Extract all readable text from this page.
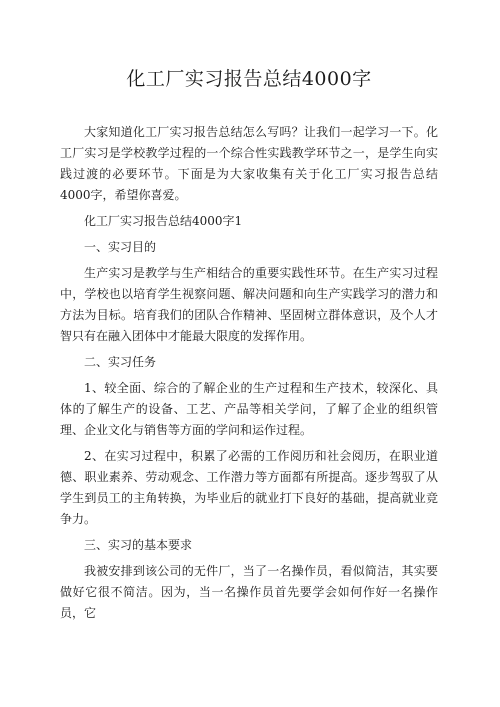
化工厂实习报告总结4000字

大家知道化工厂实习报告总结怎么写吗？让我们一起学习一下。化工厂实习是学校教学过程的一个综合性实践教学环节之一，是学生向实践过渡的必要环节。下面是为大家收集有关于化工厂实习报告总结4000字，希望你喜爱。

化工厂实习报告总结4000字1

一、实习目的

生产实习是教学与生产相结合的重要实践性环节。在生产实习过程中，学校也以培育学生视察问题、解决问题和向生产实践学习的潜力和方法为目标。培育我们的团队合作精神、坚固树立群体意识，及个人才智只有在融入团体中才能最大限度的发挥作用。

二、实习任务

1、较全面、综合的了解企业的生产过程和生产技术，较深化、具体的了解生产的设备、工艺、产品等相关学问，了解了企业的组织管理、企业文化与销售等方面的学问和运作过程。

2、在实习过程中，积累了必需的工作阅历和社会阅历，在职业道德、职业素养、劳动观念、工作潜力等方面都有所提高。逐步驾驭了从学生到员工的主角转换，为毕业后的就业打下良好的基础，提高就业竞争力。

三、实习的基本要求

我被安排到该公司的无件厂，当了一名操作员，看似简洁，其实要做好它很不简洁。因为，当一名操作员首先要学会如何作好一名操作员，它
